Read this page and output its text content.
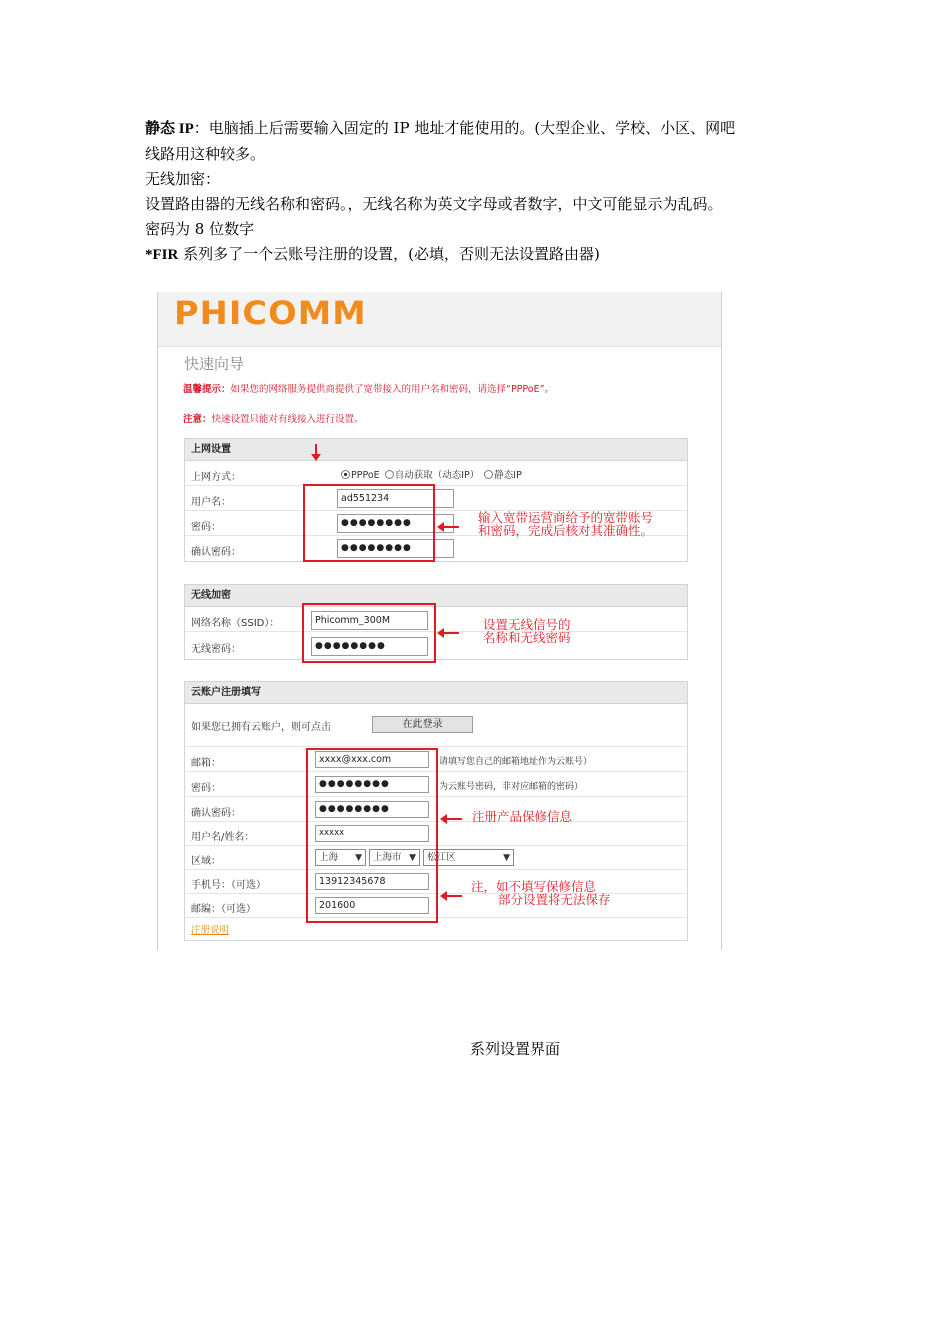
静态 IP：电脑插上后需要输入固定的 IP 地址才能使用的。(大型企业、学校、小区、网吧

线路用这种较多。

无线加密：

设置路由器的无线名称和密码。，无线名称为英文字母或者数字，中文可能显示为乱码。

密码为 8 位数字

*FIR 系列多了一个云账号注册的设置，(必填，否则无法设置路由器)

PHICOMM
快速向导
温馨提示：如果您的网络服务提供商提供了宽带接入的用户名和密码，请选择“PPPoE”。
注意：快速设置只能对有线接入进行设置。
上网设置
上网方式：	PPPoE 自动获取（动态IP） 静态IP
用户名：	ad551234
密码：	●●●●●●●●
确认密码：	●●●●●●●●
无线加密
网络名称（SSID）：	Phicomm_300M
无线密码：	●●●●●●●●
云账户注册填写
如果您已拥有云账户，则可点击	在此登录
邮箱：	xxxx@xxx.com	请填写您自己的邮箱地址作为云账号）
密码：	●●●●●●●●	为云账号密码，非对应邮箱的密码）
确认密码：	●●●●●●●●
用户名/姓名：	xxxxx
区域：	上海 ▼	上海市 ▼	松江区	▼
手机号：（可选）	13912345678
邮编：（可选）	201600
注册说明
输入宽带运营商给予的宽带账号
和密码，完成后核对其准确性。
设置无线信号的
名称和无线密码
注册产品保修信息
注，如不填写保修信息
部分设置将无法保存
系列设置界面
